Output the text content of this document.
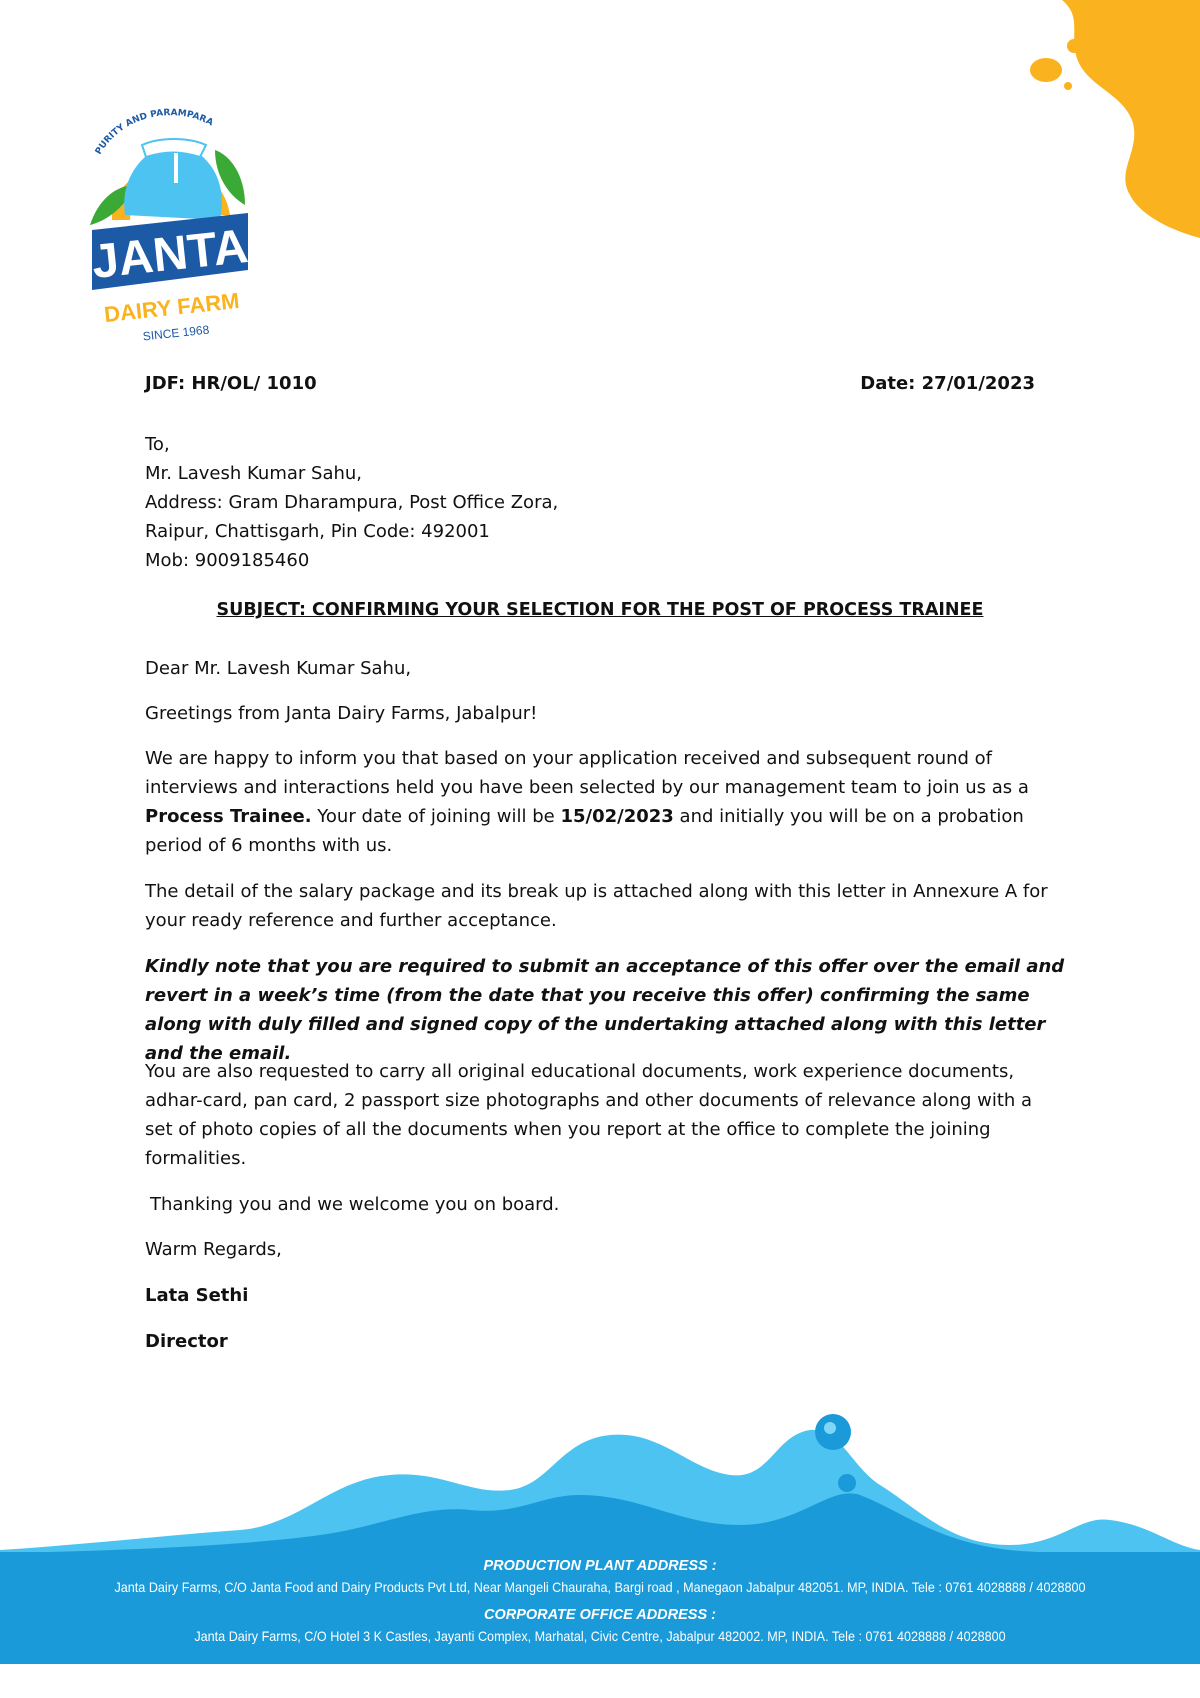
PURITY AND PARAMPARA
JANTA
DAIRY FARM
SINCE 1968
JDF: HR/OL/ 1010	Date: 27/01/2023
To,
Mr. Lavesh Kumar Sahu,
Address: Gram Dharampura, Post Office Zora,
Raipur, Chattisgarh, Pin Code: 492001
Mob: 9009185460
SUBJECT: CONFIRMING YOUR SELECTION FOR THE POST OF PROCESS TRAINEE
Dear Mr. Lavesh Kumar Sahu,
Greetings from Janta Dairy Farms, Jabalpur!
We are happy to inform you that based on your application received and subsequent round of interviews and interactions held you have been selected by our management team to join us as a Process Trainee. Your date of joining will be 15/02/2023 and initially you will be on a probation period of 6 months with us.
The detail of the salary package and its break up is attached along with this letter in Annexure A for your ready reference and further acceptance.
Kindly note that you are required to submit an acceptance of this offer over the email and revert in a week’s time (from the date that you receive this offer) confirming the same along with duly filled and signed copy of the undertaking attached along with this letter and the email.
You are also requested to carry all original educational documents, work experience documents, adhar-card, pan card, 2 passport size photographs and other documents of relevance along with a set of photo copies of all the documents when you report at the office to complete the joining formalities.
Thanking you and we welcome you on board.
Warm Regards,
Lata Sethi
Director
PRODUCTION PLANT ADDRESS :
Janta Dairy Farms, C/O Janta Food and Dairy Products Pvt Ltd, Near Mangeli Chauraha, Bargi road , Manegaon Jabalpur 482051. MP, INDIA. Tele : 0761 4028888 / 4028800
CORPORATE OFFICE ADDRESS :
Janta Dairy Farms, C/O Hotel 3 K Castles, Jayanti Complex, Marhatal, Civic Centre, Jabalpur 482002. MP, INDIA. Tele : 0761 4028888 / 4028800
